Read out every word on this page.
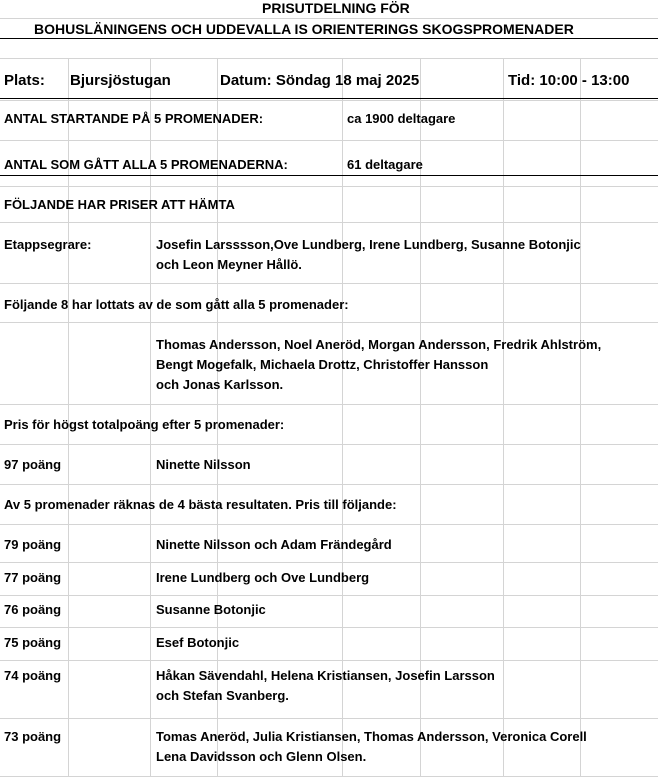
PRISUTDELNING FÖR
BOHUSLÄNINGENS OCH UDDEVALLA IS ORIENTERINGS SKOGSPROMENADER
Plats: Bjursjöstugan	Datum: Söndag 18 maj 2025	Tid: 10:00 - 13:00
ANTAL STARTANDE PÅ 5 PROMENADER:	ca 1900 deltagare
ANTAL SOM GÅTT ALLA 5 PROMENADERNA:	61 deltagare
FÖLJANDE HAR PRISER ATT HÄMTA
Etappsegrare:	Josefin Larsssson,Ove Lundberg, Irene Lundberg, Susanne Botonjic
och Leon Meyner Hållö.
Följande 8 har lottats av de som gått alla 5 promenader:
Thomas Andersson, Noel Aneröd, Morgan Andersson, Fredrik Ahlström,
Bengt Mogefalk, Michaela Drottz, Christoffer Hansson
och Jonas Karlsson.
Pris för högst totalpoäng efter 5 promenader:
97 poäng	Ninette Nilsson
Av 5 promenader räknas de 4 bästa resultaten. Pris till följande:
79 poäng	Ninette Nilsson och Adam Frändegård
77 poäng	Irene Lundberg och Ove Lundberg
76 poäng	Susanne Botonjic
75 poäng	Esef Botonjic
74 poäng	Håkan Sävendahl, Helena Kristiansen, Josefin Larsson
och Stefan Svanberg.
73 poäng	Tomas Aneröd, Julia Kristiansen, Thomas Andersson, Veronica Corell
Lena Davidsson och Glenn Olsen.
